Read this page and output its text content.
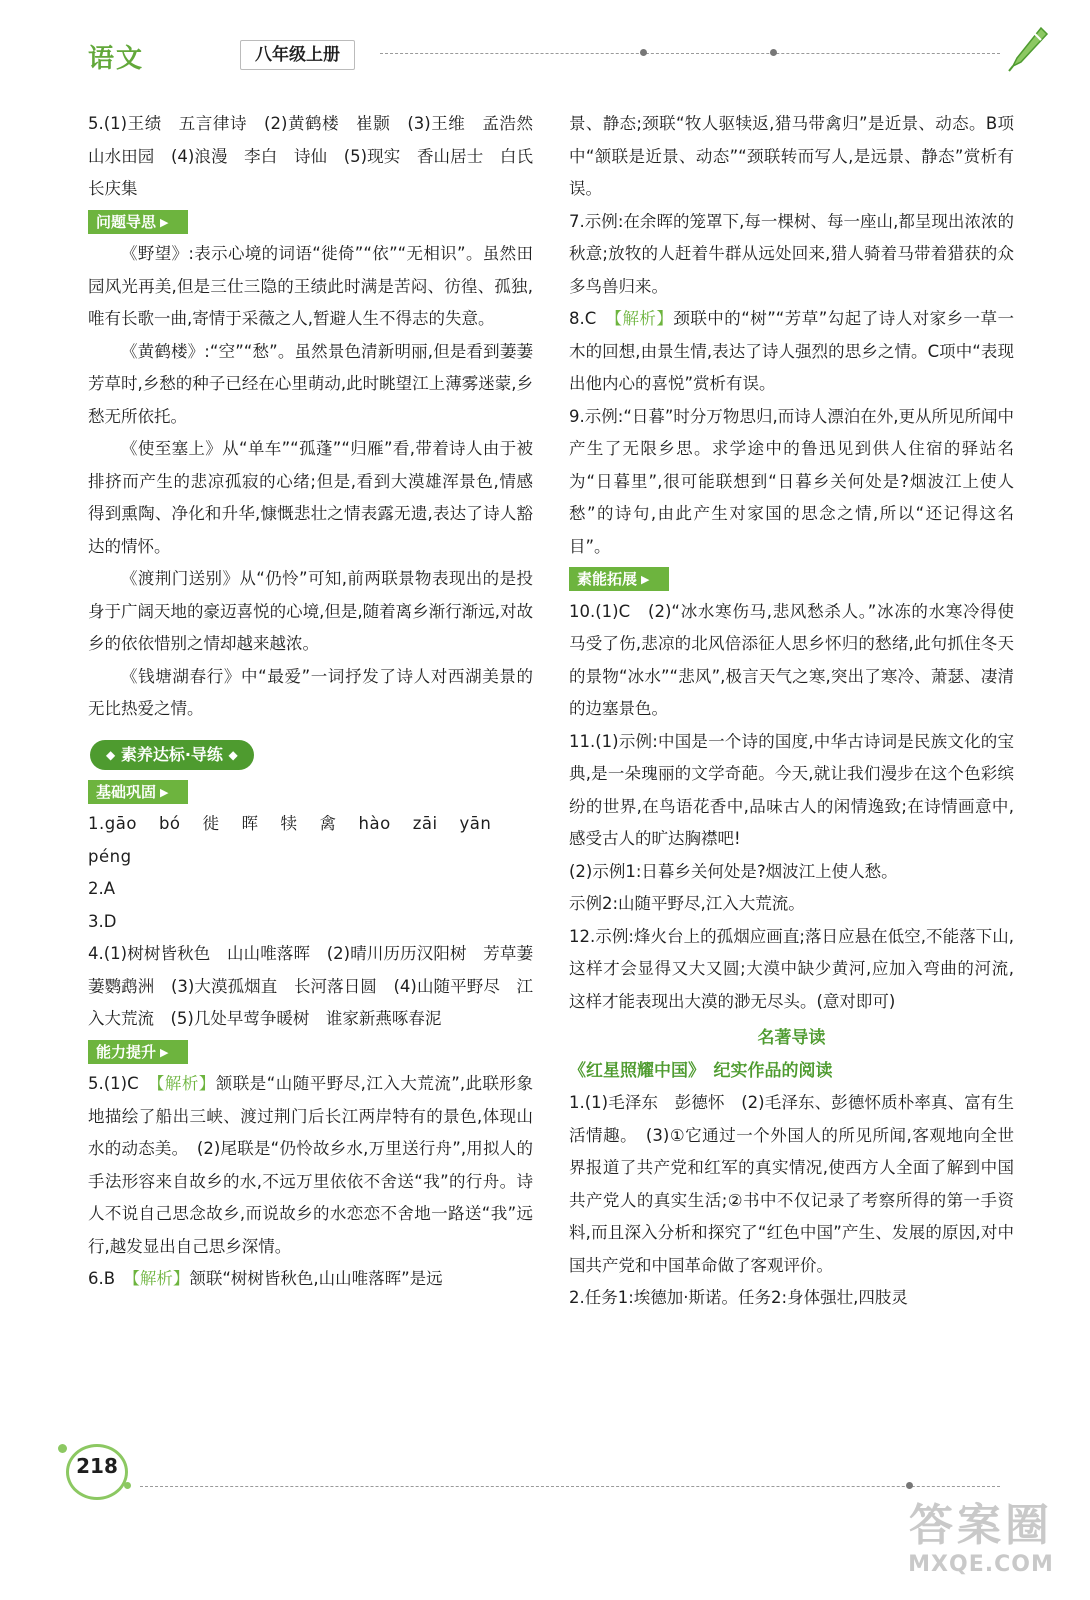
语文	八年级上册

5.(1)王绩　五言律诗　(2)黄鹤楼　崔颢　(3)王维　孟浩然　山水田园　(4)浪漫　李白　诗仙　(5)现实　香山居士　白氏长庆集

问题导思 ▶

《野望》:表示心境的词语“徙倚”“依”“无相识”。虽然田园风光再美,但是三仕三隐的王绩此时满是苦闷、彷徨、孤独,唯有长歌一曲,寄情于采薇之人,暂避人生不得志的失意。

《黄鹤楼》:“空”“愁”。虽然景色清新明丽,但是看到萋萋芳草时,乡愁的种子已经在心里萌动,此时眺望江上薄雾迷蒙,乡愁无所依托。

《使至塞上》从“单车”“孤蓬”“归雁”看,带着诗人由于被排挤而产生的悲凉孤寂的心绪;但是,看到大漠雄浑景色,情感得到熏陶、净化和升华,慷慨悲壮之情表露无遗,表达了诗人豁达的情怀。

《渡荆门送别》从“仍怜”可知,前两联景物表现出的是投身于广阔天地的豪迈喜悦的心境,但是,随着离乡渐行渐远,对故乡的依依惜别之情却越来越浓。

《钱塘湖春行》中“最爱”一词抒发了诗人对西湖美景的无比热爱之情。

◆ 素养达标·导练 ◆
基础巩固 ▶

1.gāo bó 徙 晖 犊 禽 hào zāi yānpéng

2.A

3.D

4.(1)树树皆秋色　山山唯落晖　(2)晴川历历汉阳树　芳草萋萋鹦鹉洲　(3)大漠孤烟直　长河落日圆　(4)山随平野尽　江入大荒流　(5)几处早莺争暖树　谁家新燕啄春泥

能力提升 ▶

5.(1)C　【解析】颔联是“山随平野尽,江入大荒流”,此联形象地描绘了船出三峡、渡过荆门后长江两岸特有的景色,体现山水的动态美。　(2)尾联是“仍怜故乡水,万里送行舟”,用拟人的手法形容来自故乡的水,不远万里依依不舍送“我”的行舟。诗人不说自己思念故乡,而说故乡的水恋恋不舍地一路送“我”远行,越发显出自己思乡深情。

6.B　【解析】颔联“树树皆秋色,山山唯落晖”是远

景、静态;颈联“牧人驱犊返,猎马带禽归”是近景、动态。B项中“颔联是近景、动态”“颈联转而写人,是远景、静态”赏析有误。

7.示例:在余晖的笼罩下,每一棵树、每一座山,都呈现出浓浓的秋意;放牧的人赶着牛群从远处回来,猎人骑着马带着猎获的众多鸟兽归来。

8.C　【解析】颈联中的“树”“芳草”勾起了诗人对家乡一草一木的回想,由景生情,表达了诗人强烈的思乡之情。C项中“表现出他内心的喜悦”赏析有误。

9.示例:“日暮”时分万物思归,而诗人漂泊在外,更从所见所闻中产生了无限乡思。求学途中的鲁迅见到供人住宿的驿站名为“日暮里”,很可能联想到“日暮乡关何处是?烟波江上使人愁”的诗句,由此产生对家国的思念之情,所以“还记得这名目”。

素能拓展 ▶

10.(1)C　(2)“冰水寒伤马,悲风愁杀人。”冰冻的水寒冷得使马受了伤,悲凉的北风倍添征人思乡怀归的愁绪,此句抓住冬天的景物“冰水”“悲风”,极言天气之寒,突出了寒冷、萧瑟、凄清的边塞景色。

11.(1)示例:中国是一个诗的国度,中华古诗词是民族文化的宝典,是一朵瑰丽的文学奇葩。今天,就让我们漫步在这个色彩缤纷的世界,在鸟语花香中,品味古人的闲情逸致;在诗情画意中,感受古人的旷达胸襟吧!

(2)示例1:日暮乡关何处是?烟波江上使人愁。

示例2:山随平野尽,江入大荒流。

12.示例:烽火台上的孤烟应画直;落日应悬在低空,不能落下山,这样才会显得又大又圆;大漠中缺少黄河,应加入弯曲的河流,这样才能表现出大漠的渺无尽头。(意对即可)

名著导读
《红星照耀中国》　纪实作品的阅读

1.(1)毛泽东　彭德怀　(2)毛泽东、彭德怀质朴率真、富有生活情趣。　(3)①它通过一个外国人的所见所闻,客观地向全世界报道了共产党和红军的真实情况,使西方人全面了解到中国共产党人的真实生活;②书中不仅记录了考察所得的第一手资料,而且深入分析和探究了“红色中国”产生、发展的原因,对中国共产党和中国革命做了客观评价。

2.任务1:埃德加·斯诺。任务2:身体强壮,四肢灵

218
答案圈
MXQE.COM
